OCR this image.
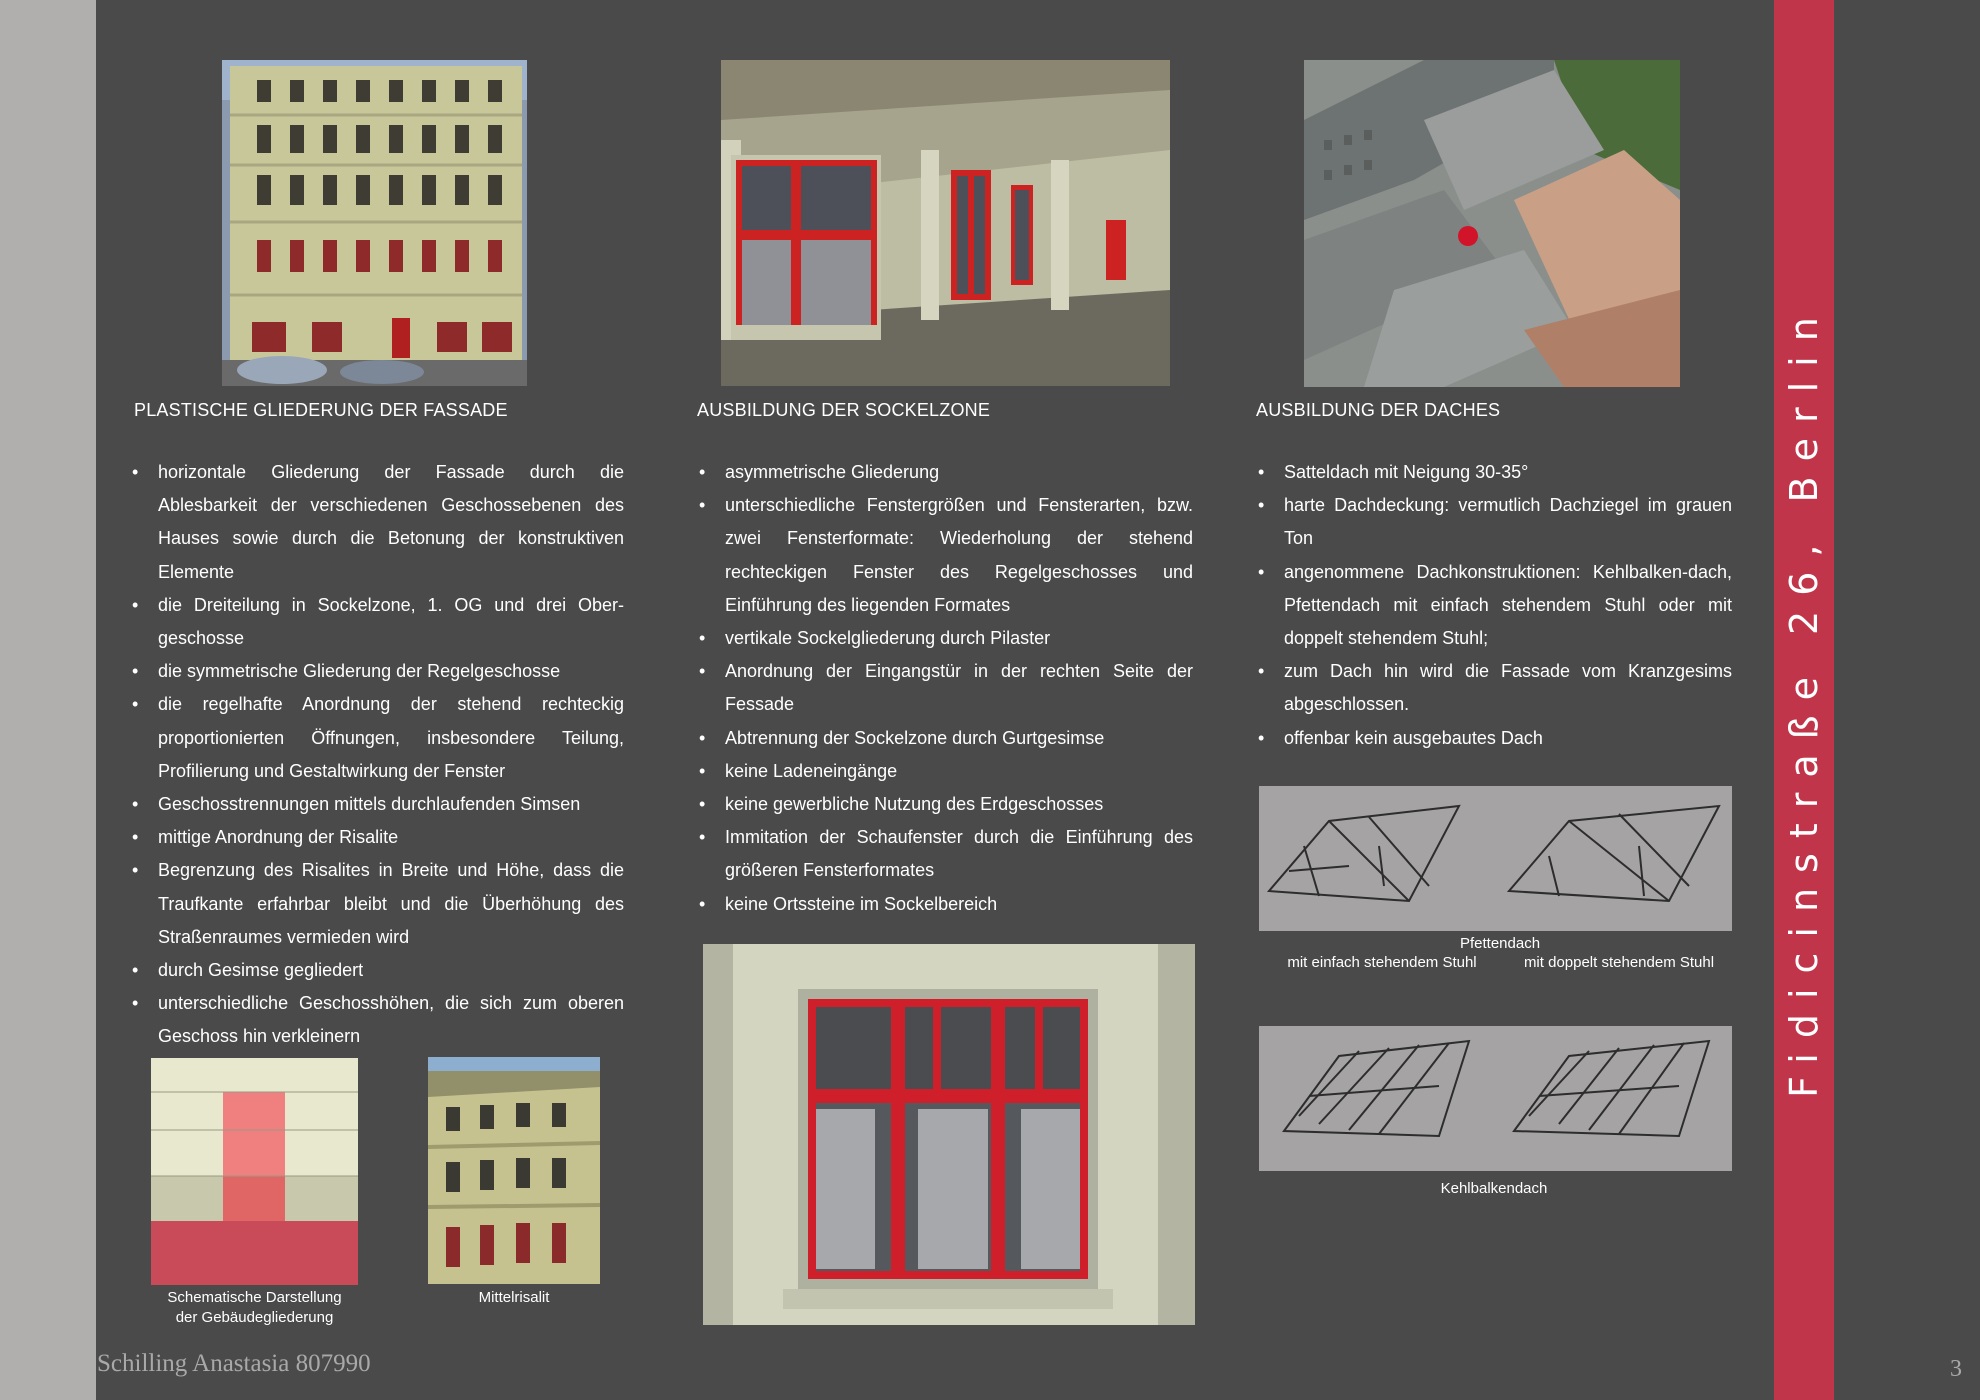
Fidicinstraße 26, Berlin
PLASTISCHE GLIEDERUNG DER FASSADE	AUSBILDUNG DER SOCKELZONE	AUSBILDUNG DER DACHES
• horizontale Gliederung der Fassade durch die Ablesbarkeit der verschiedenen Geschossebenen des Hauses sowie durch die Betonung der konstruktiven Elemente
• die Dreiteilung in Sockelzone, 1. OG und drei Ober-geschosse
• die symmetrische Gliederung der Regelgeschosse
• die regelhafte Anordnung der stehend rechteckig proportionierten Öffnungen, insbesondere Teilung, Profilierung und Gestaltwirkung der Fenster
• Geschosstrennungen mittels durchlaufenden Simsen
• mittige Anordnung der Risalite
• Begrenzung des Risalites in Breite und Höhe, dass die Traufkante erfahrbar bleibt und die Überhöhung des Straßenraumes vermieden wird
• durch Gesimse gegliedert
• unterschiedliche Geschosshöhen, die sich zum oberen Geschoss hin verkleinern
• asymmetrische Gliederung
• unterschiedliche Fenstergrößen und Fensterarten, bzw. zwei Fensterformate: Wiederholung der stehend rechteckigen Fenster des Regelgeschosses und Einführung des liegenden Formates
• vertikale Sockelgliederung durch Pilaster
• Anordnung der Eingangstür in der rechten Seite der Fessade
• Abtrennung der Sockelzone durch Gurtgesimse
• keine Ladeneingänge
• keine gewerbliche Nutzung des Erdgeschosses
• Immitation der Schaufenster durch die Einführung des größeren Fensterformates
• keine Ortssteine im Sockelbereich
• Satteldach mit Neigung 30-35°
• harte Dachdeckung: vermutlich Dachziegel im grauen Ton
• angenommene Dachkonstruktionen: Kehlbalken-dach, Pfettendach mit einfach stehendem Stuhl oder mit doppelt stehendem Stuhl;
• zum Dach hin wird die Fassade vom Kranzgesims abgeschlossen.
• offenbar kein ausgebautes Dach
Schematische Darstellung
der Gebäudegliederung
Mittelrisalit
Pfettendach
mit einfach stehendem Stuhl	mit doppelt stehendem Stuhl
Kehlbalkendach
Schilling Anastasia 807990	3
